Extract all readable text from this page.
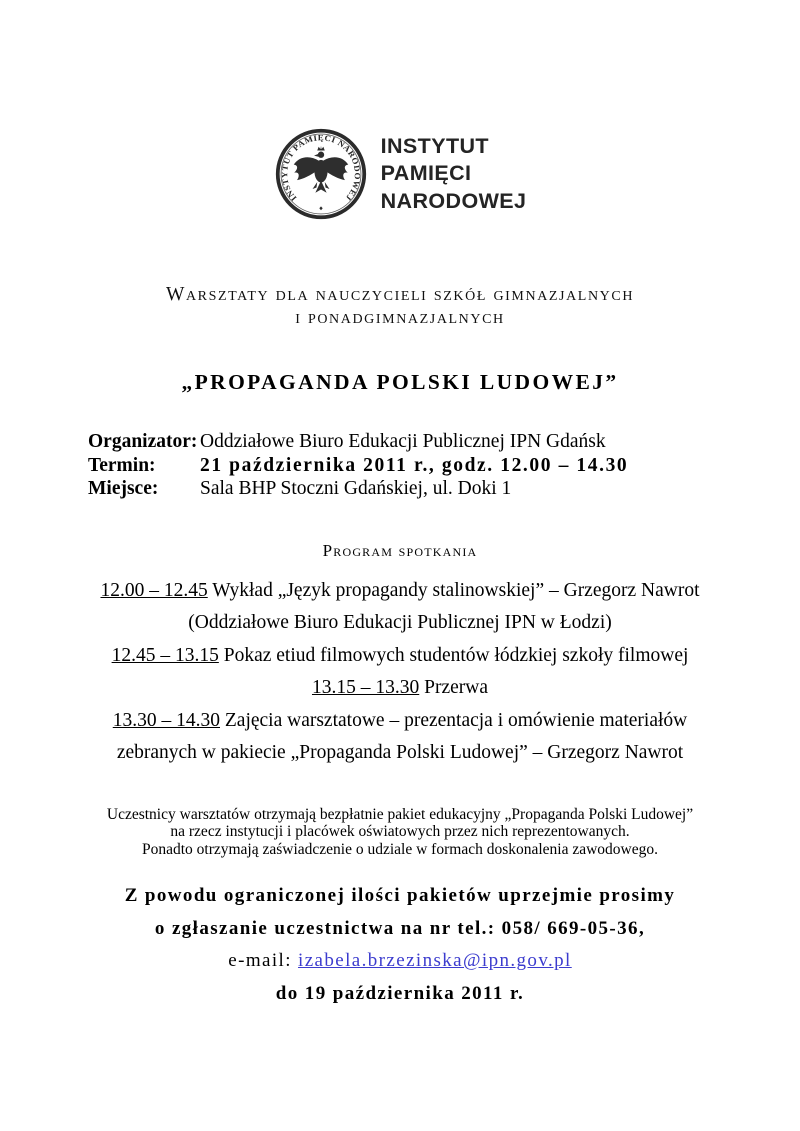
INSTYTUT PAMIĘCI NARODOWEJ
INSTYTUT
PAMIĘCI
NARODOWEJ
Warsztaty dla nauczycieli szkół gimnazjalnych
i ponadgimnazjalnych
„PROPAGANDA POLSKI LUDOWEJ”
Organizator: Oddziałowe Biuro Edukacji Publicznej IPN Gdańsk
Termin: 21 października 2011 r., godz. 12.00 – 14.30
Miejsce: Sala BHP Stoczni Gdańskiej, ul. Doki 1
Program spotkania
12.00 – 12.45 Wykład „Język propagandy stalinowskiej” – Grzegorz Nawrot
(Oddziałowe Biuro Edukacji Publicznej IPN w Łodzi)
12.45 – 13.15 Pokaz etiud filmowych studentów łódzkiej szkoły filmowej
13.15 – 13.30 Przerwa
13.30 – 14.30 Zajęcia warsztatowe – prezentacja i omówienie materiałów
zebranych w pakiecie „Propaganda Polski Ludowej” – Grzegorz Nawrot
Uczestnicy warsztatów otrzymają bezpłatnie pakiet edukacyjny „Propaganda Polski Ludowej”
na rzecz instytucji i placówek oświatowych przez nich reprezentowanych.
Ponadto otrzymają zaświadczenie o udziale w formach doskonalenia zawodowego.
Z powodu ograniczonej ilości pakietów uprzejmie prosimy
o zgłaszanie uczestnictwa na nr tel.: 058/ 669-05-36,
e-mail: izabela.brzezinska@ipn.gov.pl
do 19 października 2011 r.
